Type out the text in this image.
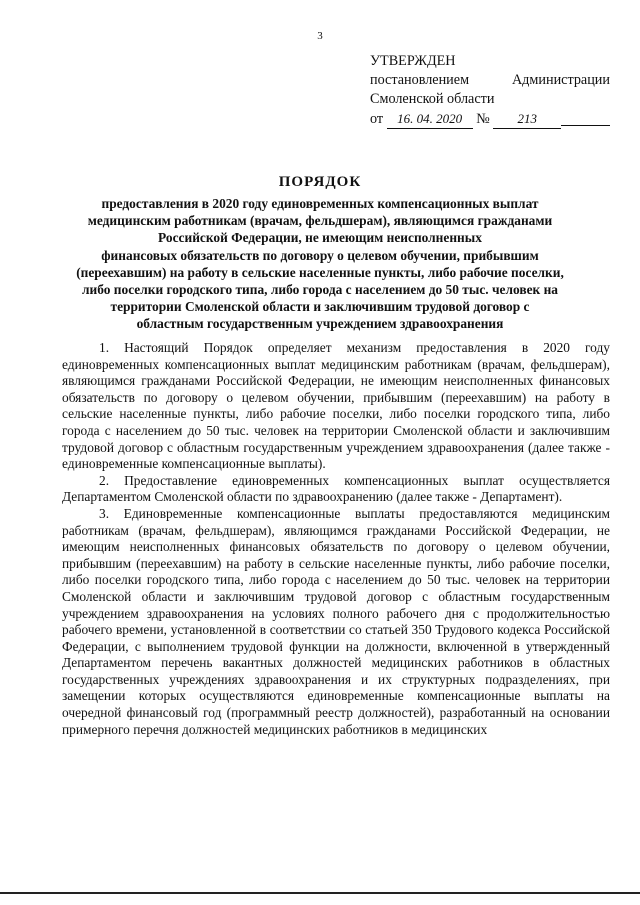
3
УТВЕРЖДЕН
постановлением	Администрации
Смоленской области
от
	16. 04. 2020
№
	213
ПОРЯДОК
предоставления в 2020 году единовременных компенсационных выплат
медицинским работникам (врачам, фельдшерам), являющимся гражданами
Российской Федерации, не имеющим неисполненных
финансовых обязательств по договору о целевом обучении, прибывшим
(переехавшим) на работу в сельские населенные пункты, либо рабочие поселки,
либо поселки городского типа, либо города с населением до 50 тыс. человек на
территории Смоленской области и заключившим трудовой договор с
областным государственным учреждением здравоохранения

1. Настоящий Порядок определяет механизм предоставления в 2020 году единовременных компенсационных выплат медицинским работникам (врачам, фельдшерам), являющимся гражданами Российской Федерации, не имеющим неисполненных финансовых обязательств по договору о целевом обучении, прибывшим (переехавшим) на работу в сельские населенные пункты, либо рабочие поселки, либо поселки городского типа, либо города с населением до 50 тыс. человек на территории Смоленской области и заключившим трудовой договор с областным государственным учреждением здравоохранения (далее также - единовременные компенсационные выплаты).

2. Предоставление единовременных компенсационных выплат осуществляется Департаментом Смоленской области по здравоохранению (далее также - Департамент).

3. Единовременные компенсационные выплаты предоставляются медицинским работникам (врачам, фельдшерам), являющимся гражданами Российской Федерации, не имеющим неисполненных финансовых обязательств по договору о целевом обучении, прибывшим (переехавшим) на работу в сельские населенные пункты, либо рабочие поселки, либо поселки городского типа, либо города с населением до 50 тыс. человек на территории Смоленской области и заключившим трудовой договор с областным государственным учреждением здравоохранения на условиях полного рабочего дня с продолжительностью рабочего времени, установленной в соответствии со статьей 350 Трудового кодекса Российской Федерации, с выполнением трудовой функции на должности, включенной в утвержденный Департаментом перечень вакантных должностей медицинских работников в областных государственных учреждениях здравоохранения и их структурных подразделениях, при замещении которых осуществляются единовременные компенсационные выплаты на очередной финансовый год (программный реестр должностей), разработанный на основании примерного перечня должностей медицинских работников в медицинских
